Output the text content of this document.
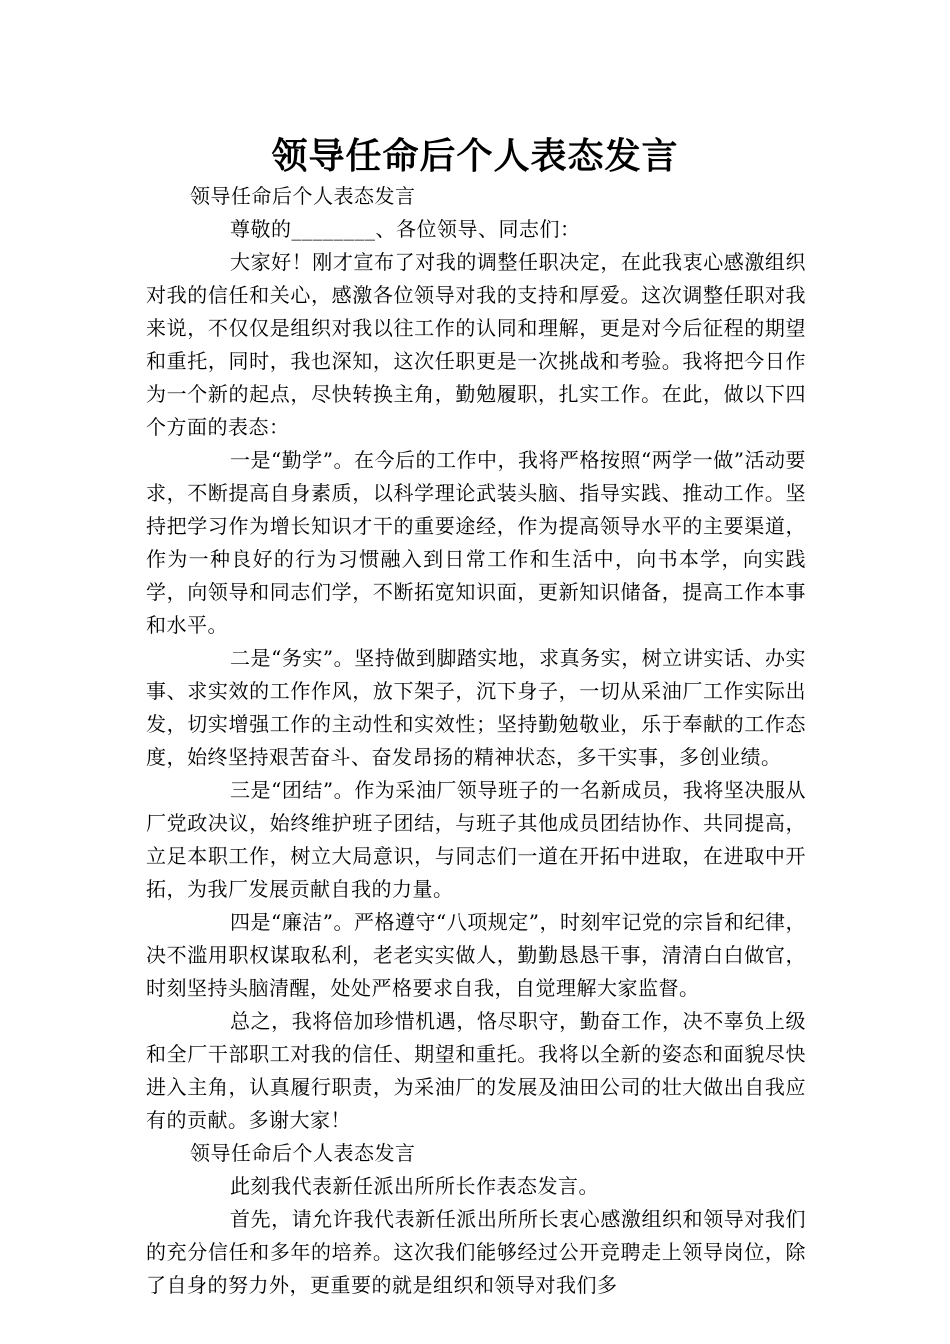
领导任命后个人表态发言

领导任命后个人表态发言

尊敬的________、各位领导、同志们：

大家好！刚才宣布了对我的调整任职决定，在此我衷心感激组织对我的信任和关心，感激各位领导对我的支持和厚爱。这次调整任职对我来说，不仅仅是组织对我以往工作的认同和理解，更是对今后征程的期望和重托，同时，我也深知，这次任职更是一次挑战和考验。我将把今日作为一个新的起点，尽快转换主角，勤勉履职，扎实工作。在此，做以下四个方面的表态：

一是“勤学”。在今后的工作中，我将严格按照“两学一做”活动要求，不断提高自身素质，以科学理论武装头脑、指导实践、推动工作。坚持把学习作为增长知识才干的重要途经，作为提高领导水平的主要渠道，作为一种良好的行为习惯融入到日常工作和生活中，向书本学，向实践学，向领导和同志们学，不断拓宽知识面，更新知识储备，提高工作本事和水平。

二是“务实”。坚持做到脚踏实地，求真务实，树立讲实话、办实事、求实效的工作作风，放下架子，沉下身子，一切从采油厂工作实际出发，切实增强工作的主动性和实效性；坚持勤勉敬业，乐于奉献的工作态度，始终坚持艰苦奋斗、奋发昂扬的精神状态，多干实事，多创业绩。

三是“团结”。作为采油厂领导班子的一名新成员，我将坚决服从厂党政决议，始终维护班子团结，与班子其他成员团结协作、共同提高，立足本职工作，树立大局意识，与同志们一道在开拓中进取，在进取中开拓，为我厂发展贡献自我的力量。

四是“廉洁”。严格遵守“八项规定”，时刻牢记党的宗旨和纪律，决不滥用职权谋取私利，老老实实做人，勤勤恳恳干事，清清白白做官，时刻坚持头脑清醒，处处严格要求自我，自觉理解大家监督。

总之，我将倍加珍惜机遇，恪尽职守，勤奋工作，决不辜负上级和全厂干部职工对我的信任、期望和重托。我将以全新的姿态和面貌尽快进入主角，认真履行职责，为采油厂的发展及油田公司的壮大做出自我应有的贡献。多谢大家！

领导任命后个人表态发言

此刻我代表新任派出所所长作表态发言。

首先，请允许我代表新任派出所所长衷心感激组织和领导对我们的充分信任和多年的培养。这次我们能够经过公开竞聘走上领导岗位，除了自身的努力外，更重要的就是组织和领导对我们多
